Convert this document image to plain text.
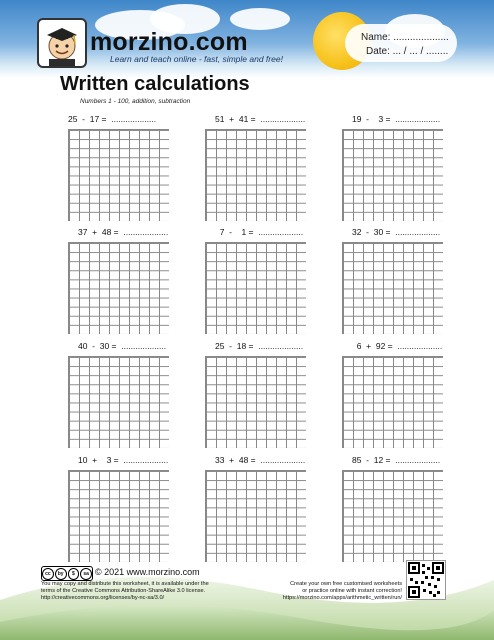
morzino.com
Learn and teach online - fast, simple and free!
Name: ....................
Date: ... / ... / ........
Written calculations
Numbers 1 - 100, addition, subtraction
25  -  17 =  ...................	51  +  41 =  ...................	19  -    3 =  ...................
37  +  48 =  ...................	7  -    1 =  ...................	32  -  30 =  ...................
40  -  30 =  ...................	25  -  18 =  ...................	6  +  92 =  ...................
10  +    3 =  ...................	33  +  48 =  ...................	85  -  12 =  ...................
cc	by	$	sa © 2021 www.morzino.com
You may copy and distribute this worksheet, it is available under the
terms of the Creative Commons Attribution-ShareAlike 3.0 license.
http://creativecommons.org/licenses/by-nc-sa/3.0/
Create your own free customised worksheets
or practice online with instant correction!
https://morzino.com/apps/arithmetic_written/run/
